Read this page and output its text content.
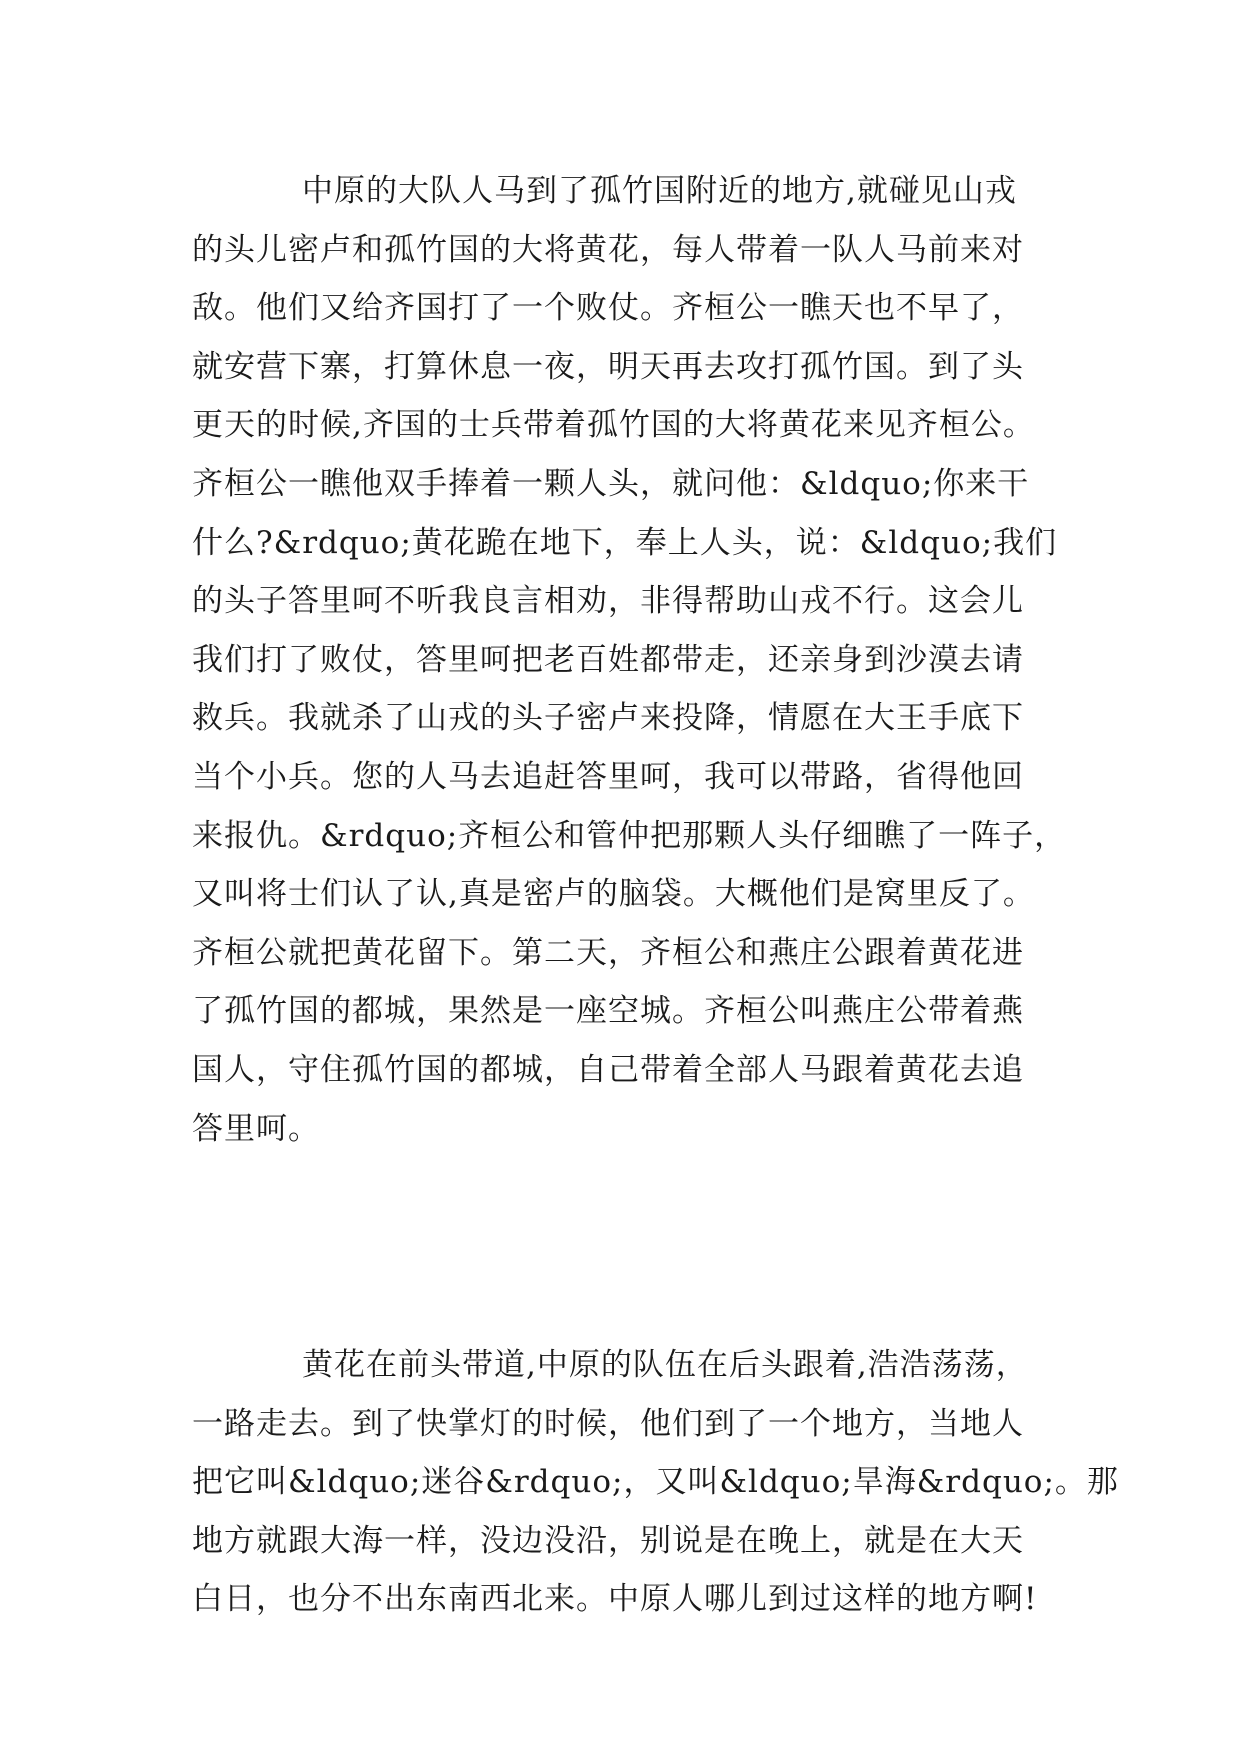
中原的大队人马到了孤竹国附近的地方,就碰见山戎
的头儿密卢和孤竹国的大将黄花，每人带着一队人马前来对
敌。他们又给齐国打了一个败仗。齐桓公一瞧天也不早了，
就安营下寨，打算休息一夜，明天再去攻打孤竹国。到了头
更天的时候,齐国的士兵带着孤竹国的大将黄花来见齐桓公。
齐桓公一瞧他双手捧着一颗人头，就问他：&ldquo;你来干
什么?&rdquo;黄花跪在地下，奉上人头，说：&ldquo;我们
的头子答里呵不听我良言相劝，非得帮助山戎不行。这会儿
我们打了败仗，答里呵把老百姓都带走，还亲身到沙漠去请
救兵。我就杀了山戎的头子密卢来投降，情愿在大王手底下
当个小兵。您的人马去追赶答里呵，我可以带路，省得他回
来报仇。&rdquo;齐桓公和管仲把那颗人头仔细瞧了一阵子，
又叫将士们认了认,真是密卢的脑袋。大概他们是窝里反了。
齐桓公就把黄花留下。第二天，齐桓公和燕庄公跟着黄花进
了孤竹国的都城，果然是一座空城。齐桓公叫燕庄公带着燕
国人，守住孤竹国的都城，自己带着全部人马跟着黄花去追
答里呵。
黄花在前头带道,中原的队伍在后头跟着,浩浩荡荡，
一路走去。到了快掌灯的时候，他们到了一个地方，当地人
把它叫&ldquo;迷谷&rdquo;，又叫&ldquo;旱海&rdquo;。那
地方就跟大海一样，没边没沿，别说是在晚上，就是在大天
白日，也分不出东南西北来。中原人哪儿到过这样的地方啊!
